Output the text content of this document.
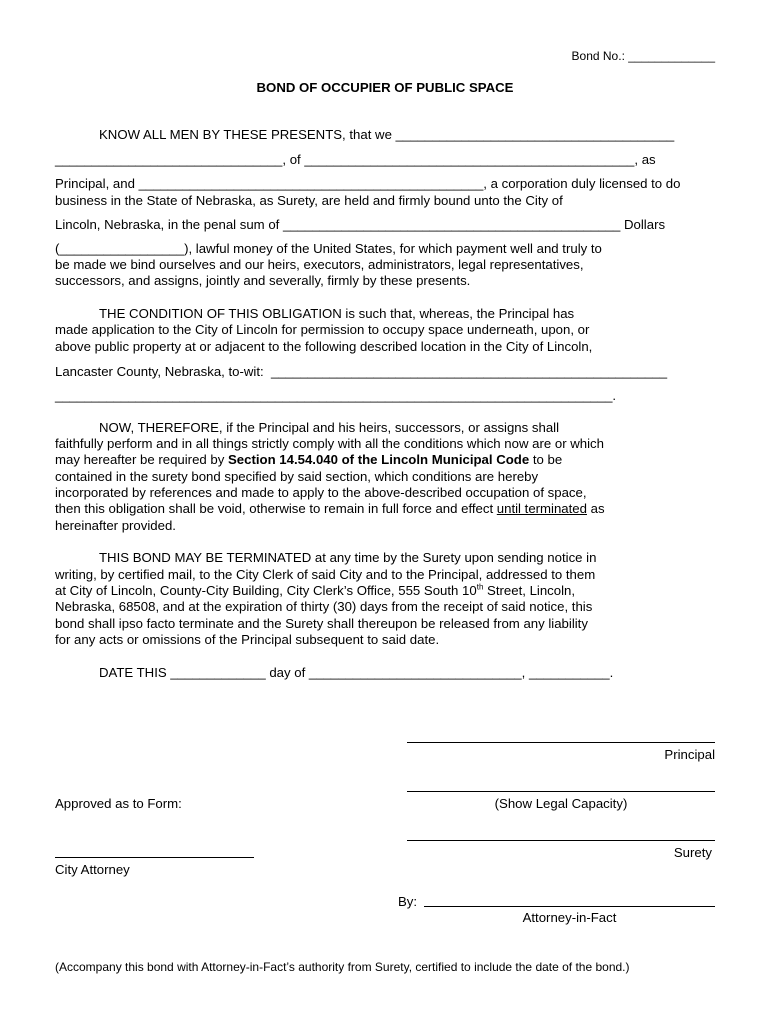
Bond No.: _____________
BOND OF OCCUPIER OF PUBLIC SPACE
KNOW ALL MEN BY THESE PRESENTS, that we ______________________________________
_______________________________, of _____________________________________________, as
Principal, and _______________________________________________, a corporation duly licensed to do
business in the State of Nebraska, as Surety, are held and firmly bound unto the City of
Lincoln, Nebraska, in the penal sum of ______________________________________________ Dollars
(_________________), lawful money of the United States, for which payment well and truly to
be made we bind ourselves and our heirs, executors, administrators, legal representatives,
successors, and assigns, jointly and severally, firmly by these presents.
THE CONDITION OF THIS OBLIGATION is such that, whereas, the Principal has
made application to the City of Lincoln for permission to occupy space underneath, upon, or
above public property at or adjacent to the following described location in the City of Lincoln,
Lancaster County, Nebraska, to-wit:  ______________________________________________________
____________________________________________________________________________.
NOW, THEREFORE, if the Principal and his heirs, successors, or assigns shall
faithfully perform and in all things strictly comply with all the conditions which now are or which
may hereafter be required by Section 14.54.040 of the Lincoln Municipal Code to be
contained in the surety bond specified by said section, which conditions are hereby
incorporated by references and made to apply to the above-described occupation of space,
then this obligation shall be void, otherwise to remain in full force and effect until terminated as
hereinafter provided.
THIS BOND MAY BE TERMINATED at any time by the Surety upon sending notice in
writing, by certified mail, to the City Clerk of said City and to the Principal, addressed to them
at City of Lincoln, County-City Building, City Clerk’s Office, 555 South 10th Street, Lincoln,
Nebraska, 68508, and at the expiration of thirty (30) days from the receipt of said notice, this
bond shall ipso facto terminate and the Surety shall thereupon be released from any liability
for any acts or omissions of the Principal subsequent to said date.
DATE THIS _____________ day of _____________________________, ___________.
Principal
(Show Legal Capacity)
Approved as to Form:
Surety
City Attorney
By:
Attorney-in-Fact
(Accompany this bond with Attorney-in-Fact’s authority from Surety, certified to include the date of the bond.)
